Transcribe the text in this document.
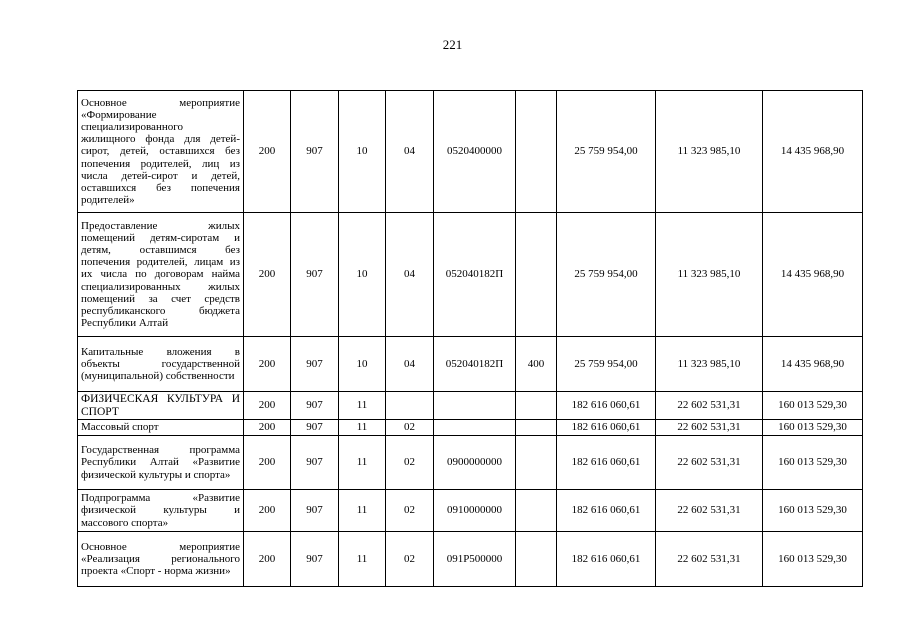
221
Основное мероприятие «Формирование специализированного жилищного фонда для детей-сирот, детей, оставшихся без попечения родителей, лиц из числа детей-сирот и детей, оставшихся без попечения родителей»	200	907	10	04	0520400000		25 759 954,00	11 323 985,10	14 435 968,90
Предоставление жилых помещений детям-сиротам и детям, оставшимся без попечения родителей, лицам из их числа по договорам найма специализированных жилых помещений за счет средств республиканского бюджета Республики Алтай	200	907	10	04	052040182П		25 759 954,00	11 323 985,10	14 435 968,90
Капитальные вложения в объекты государственной (муниципальной) собственности	200	907	10	04	052040182П	400	25 759 954,00	11 323 985,10	14 435 968,90
ФИЗИЧЕСКАЯ КУЛЬТУРА И СПОРТ	200	907	11				182 616 060,61	22 602 531,31	160 013 529,30
Массовый спорт	200	907	11	02			182 616 060,61	22 602 531,31	160 013 529,30
Государственная программа Республики Алтай «Развитие физической культуры и спорта»	200	907	11	02	0900000000		182 616 060,61	22 602 531,31	160 013 529,30
Подпрограмма «Развитие физической культуры и массового спорта»	200	907	11	02	0910000000		182 616 060,61	22 602 531,31	160 013 529,30
Основное мероприятие «Реализация регионального проекта «Спорт - норма жизни»	200	907	11	02	091P500000		182 616 060,61	22 602 531,31	160 013 529,30
